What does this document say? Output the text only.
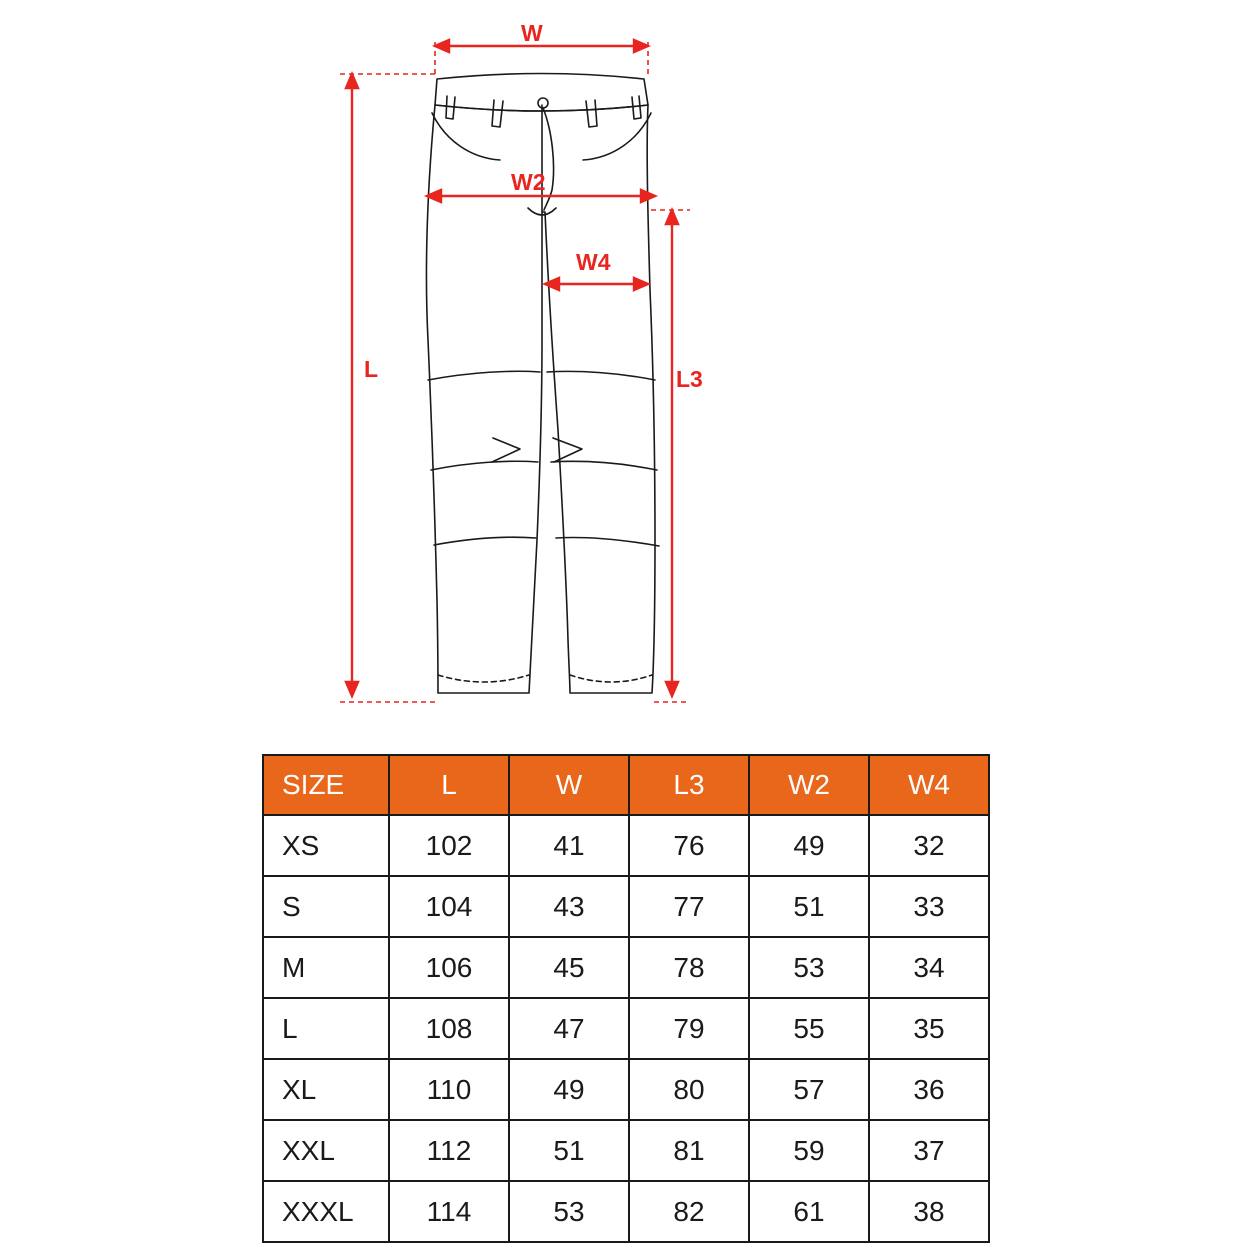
W
W2
W4
L	L3
SIZE	L	W	L3	W2	W4
XS	102	41	76	49	32
S	104	43	77	51	33
M	106	45	78	53	34
L	108	47	79	55	35
XL	110	49	80	57	36
XXL	112	51	81	59	37
XXXL	114	53	82	61	38
